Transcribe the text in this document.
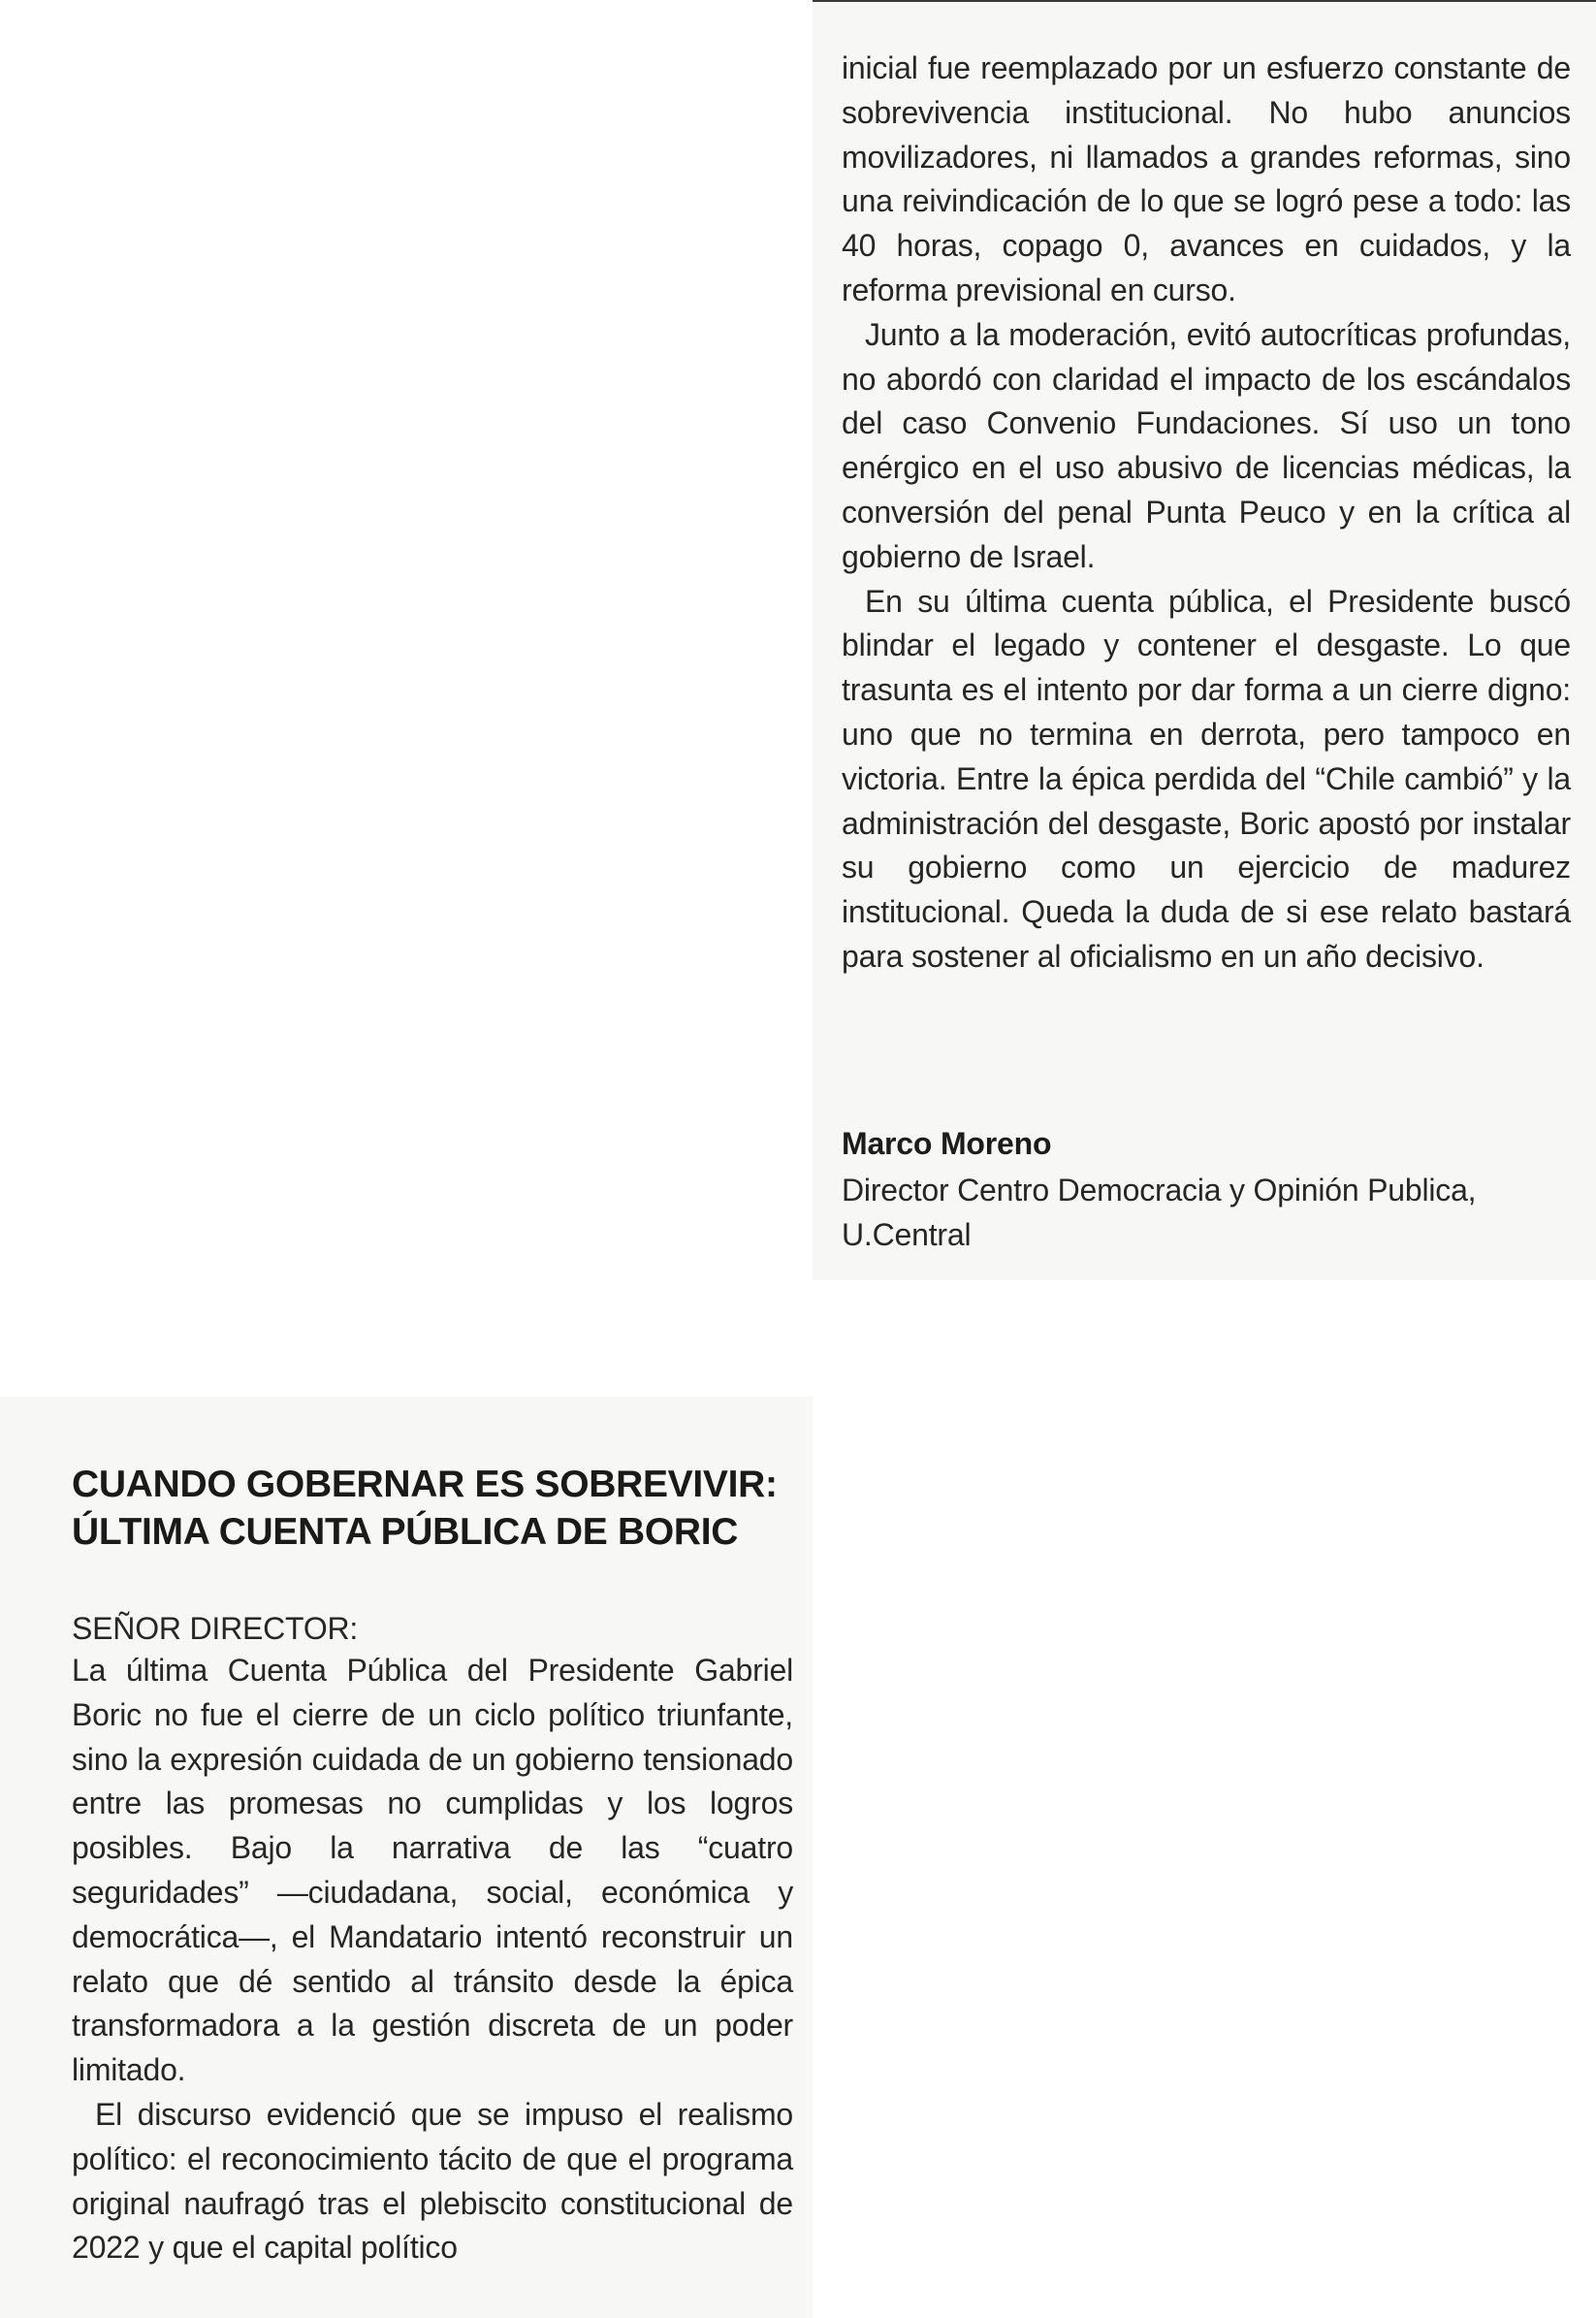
inicial fue reemplazado por un esfuerzo constante de sobrevivencia institucional. No hubo anuncios movilizadores, ni llamados a grandes reformas, sino una reivindicación de lo que se logró pese a todo: las 40 horas, copago 0, avances en cuidados, y la reforma previsional en curso.

Junto a la moderación, evitó autocríticas profundas, no abordó con claridad el impacto de los escándalos del caso Convenio Fundaciones. Sí uso un tono enérgico en el uso abusivo de licencias médicas, la conversión del penal Punta Peuco y en la crítica al gobierno de Israel.

En su última cuenta pública, el Presidente buscó blindar el legado y contener el desgaste. Lo que trasunta es el intento por dar forma a un cierre digno: uno que no termina en derrota, pero tampoco en victoria. Entre la épica perdida del “Chile cambió” y la administración del desgaste, Boric apostó por instalar su gobierno como un ejercicio de madurez institucional. Queda la duda de si ese relato bastará para sostener al oficialismo en un año decisivo.

Marco Moreno

Director Centro Democracia y Opinión Publica, U.Central

CUANDO GOBERNAR ES SOBREVIVIR:
ÚLTIMA CUENTA PÚBLICA DE BORIC

SEÑOR DIRECTOR:

La última Cuenta Pública del Presidente Gabriel Boric no fue el cierre de un ciclo político triunfante, sino la expresión cuidada de un gobierno tensionado entre las promesas no cumplidas y los logros posibles. Bajo la narrativa de las “cuatro seguridades” —ciudadana, social, económica y democrática—, el Mandatario intentó reconstruir un relato que dé sentido al tránsito desde la épica transformadora a la gestión discreta de un poder limitado.

El discurso evidenció que se impuso el realismo político: el reconocimiento tácito de que el programa original naufragó tras el plebiscito constitucional de 2022 y que el capital político
